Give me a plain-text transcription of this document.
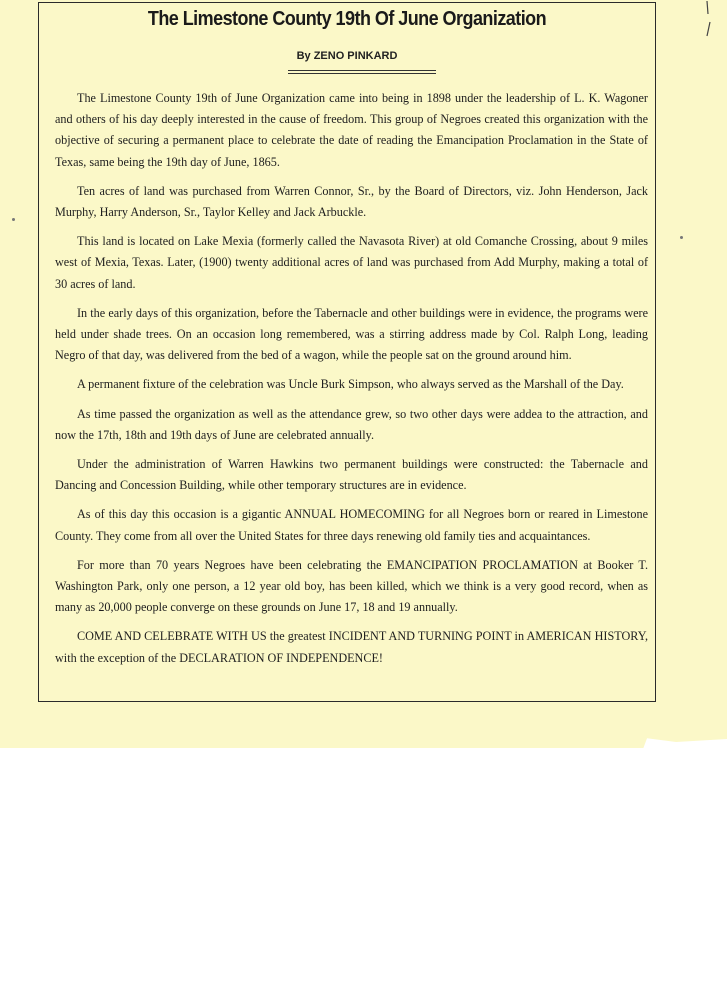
The Limestone County 19th Of June Organization
By ZENO PINKARD

The Limestone County 19th of June Organization came into being in 1898 under the leadership of L. K. Wagoner and others of his day deeply interested in the cause of freedom. This group of Negroes created this organization with the objective of securing a permanent place to celebrate the date of reading the Emancipation Proclamation in the State of Texas, same being the 19th day of June, 1865.

Ten acres of land was purchased from Warren Connor, Sr., by the Board of Directors, viz. John Henderson, Jack Murphy, Harry Anderson, Sr., Taylor Kelley and Jack Arbuckle.

This land is located on Lake Mexia (formerly called the Navasota River) at old Comanche Crossing, about 9 miles west of Mexia, Texas. Later, (1900) twenty additional acres of land was purchased from Add Murphy, making a total of 30 acres of land.

In the early days of this organization, before the Tabernacle and other buildings were in evidence, the programs were held under shade trees. On an occasion long remembered, was a stirring address made by Col. Ralph Long, leading Negro of that day, was delivered from the bed of a wagon, while the people sat on the ground around him.

A permanent fixture of the celebration was Uncle Burk Simpson, who always served as the Marshall of the Day.

As time passed the organization as well as the attendance grew, so two other days were addea to the attraction, and now the 17th, 18th and 19th days of June are celebrated annually.

Under the administration of Warren Hawkins two permanent buildings were constructed: the Tabernacle and Dancing and Concession Building, while other temporary structures are in evidence.

As of this day this occasion is a gigantic ANNUAL HOMECOMING for all Negroes born or reared in Limestone County. They come from all over the United States for three days renewing old family ties and acquaintances.

For more than 70 years Negroes have been celebrating the EMANCIPATION PROCLAMATION at Booker T. Washington Park, only one person, a 12 year old boy, has been killed, which we think is a very good record, when as many as 20,000 people converge on these grounds on June 17, 18 and 19 annually.

COME AND CELEBRATE WITH US the greatest INCIDENT AND TURNING POINT in AMERICAN HISTORY, with the exception of the DECLARATION OF INDEPENDENCE!
